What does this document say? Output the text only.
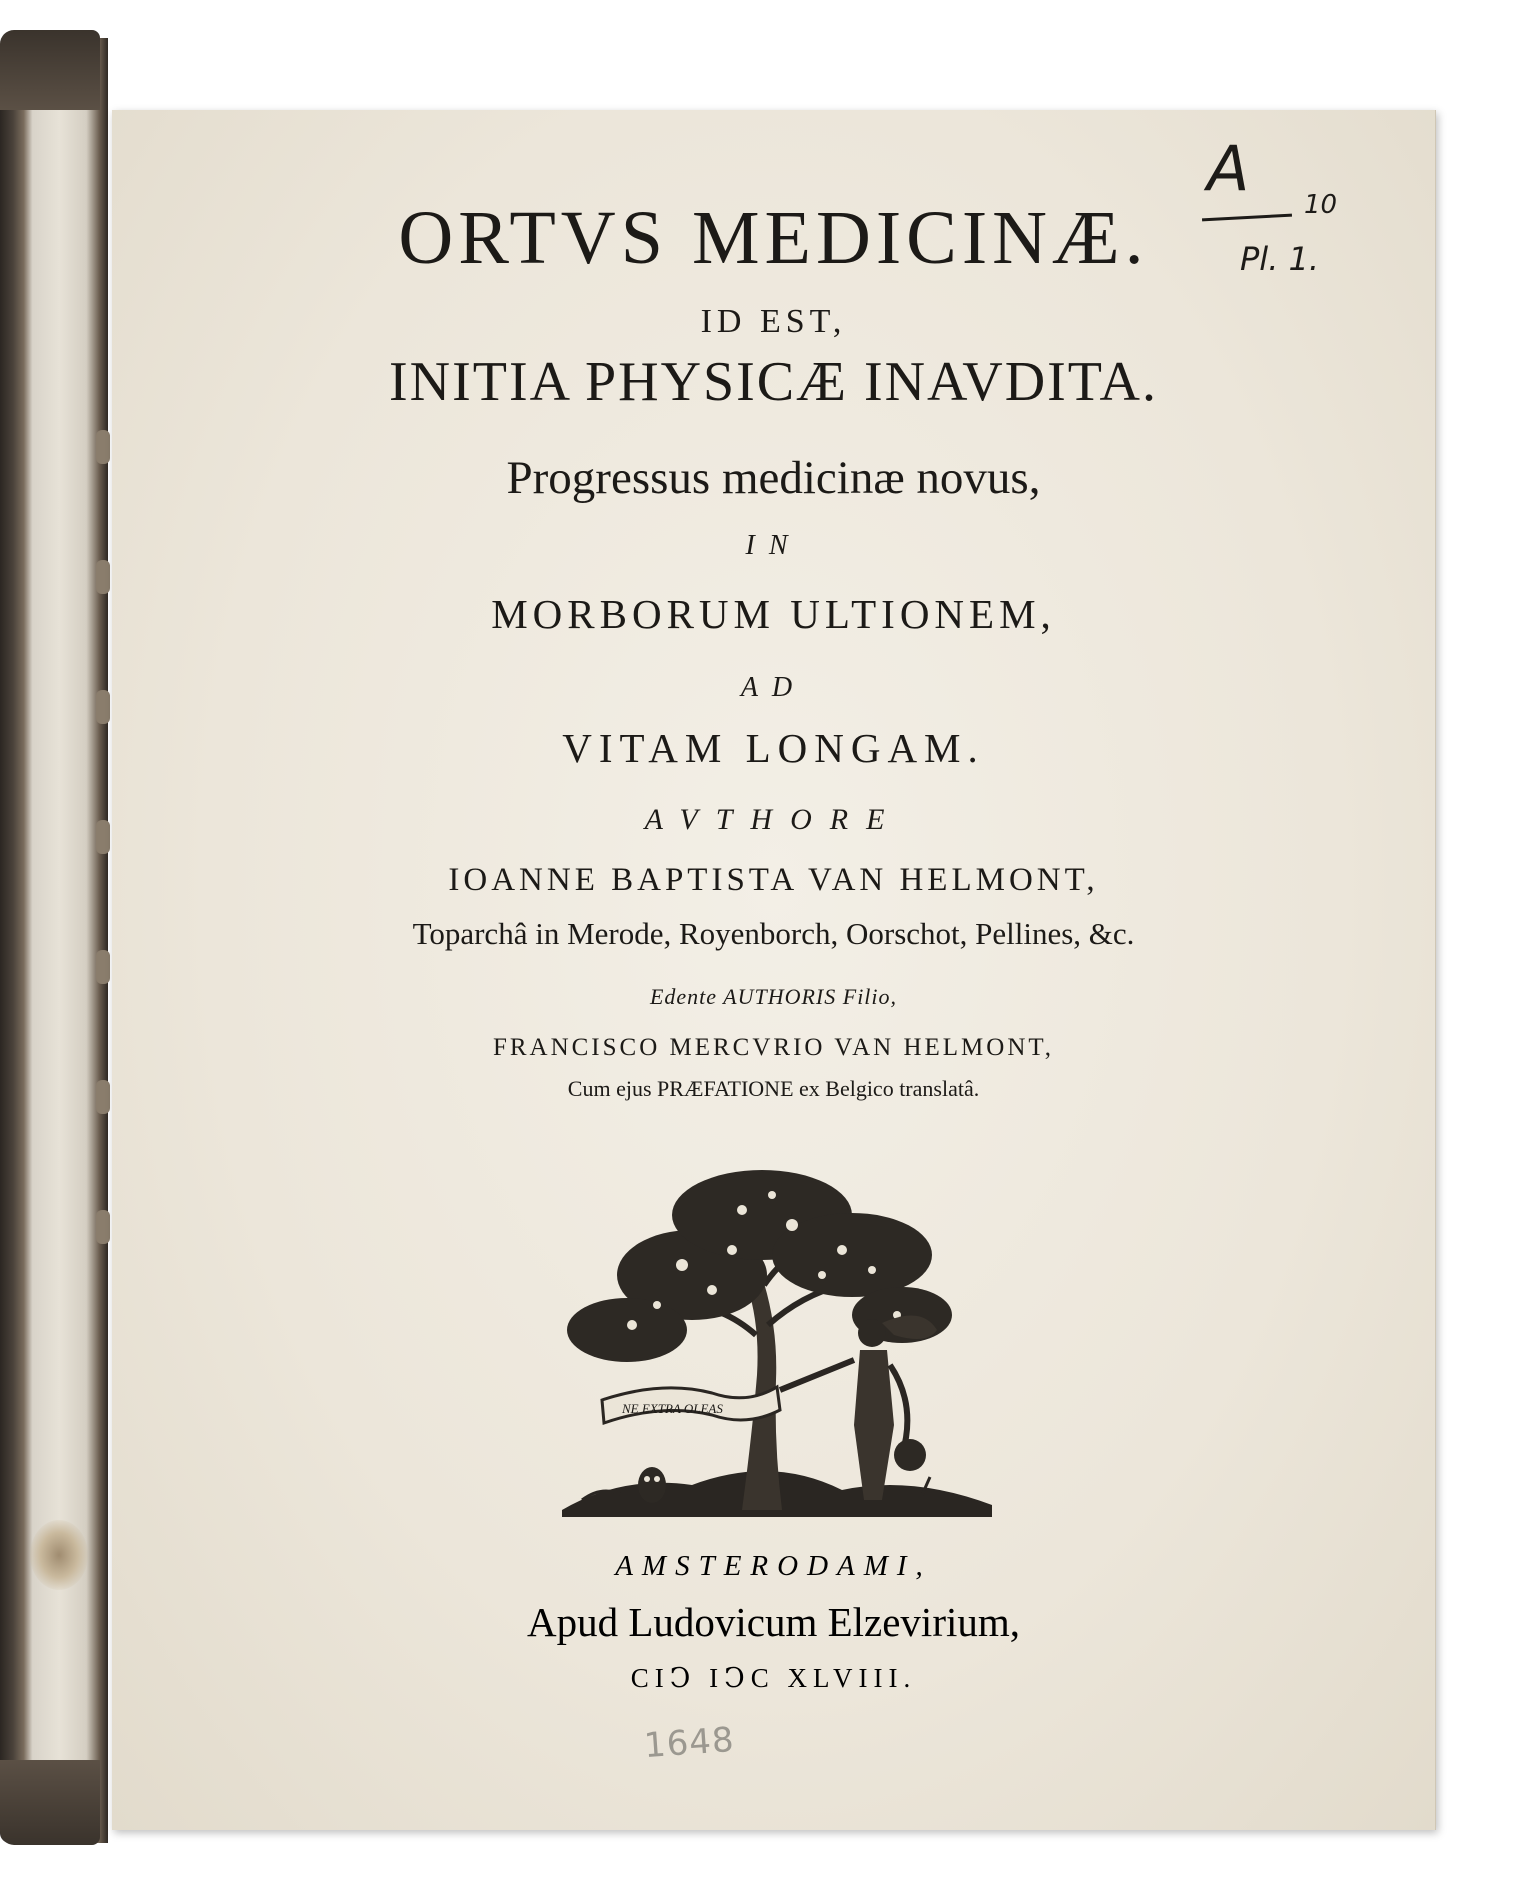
A 10
Pl. 1.
ORTVS MEDICINÆ.
ID EST,
INITIA PHYSICÆ INAVDITA.
Progressus medicinæ novus,
IN
MORBORUM ULTIONEM,
AD
VITAM LONGAM.
AVTHORE
IOANNE BAPTISTA VAN HELMONT,
Toparchâ in Merode, Royenborch, Oorschot, Pellines, &c.
Edente AUTHORIS Filio,
FRANCISCO MERCVRIO VAN HELMONT,
Cum ejus PRÆFATIONE ex Belgico translatâ.
NE EXTRA OLEAS
AMSTERODAMI,
Apud Ludovicum Elzevirium,
CIↃ IↃC XLVIII.
1648
